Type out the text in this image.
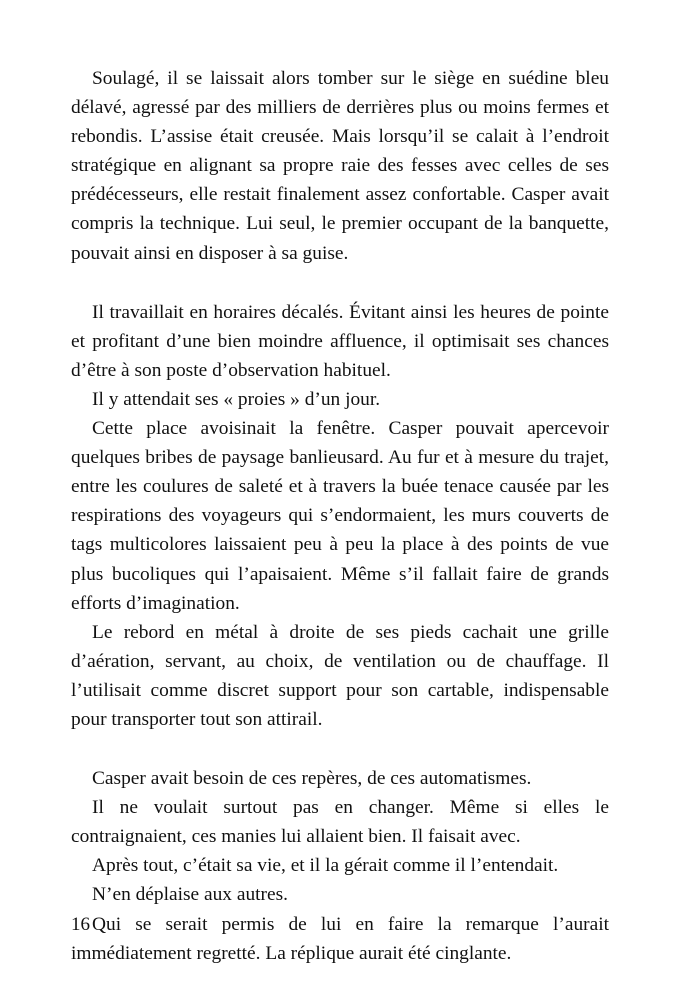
Soulagé, il se laissait alors tomber sur le siège en suédine bleu délavé, agressé par des milliers de derrières plus ou moins fermes et rebondis. L’assise était creusée. Mais lorsqu’il se calait à l’endroit stratégique en alignant sa propre raie des fesses avec celles de ses prédécesseurs, elle restait finalement assez confortable. Casper avait compris la technique. Lui seul, le premier occupant de la banquette, pouvait ainsi en disposer à sa guise.

Il travaillait en horaires décalés. Évitant ainsi les heures de pointe et profitant d’une bien moindre affluence, il optimisait ses chances d’être à son poste d’observation habituel.

Il y attendait ses « proies » d’un jour.

Cette place avoisinait la fenêtre. Casper pouvait apercevoir quelques bribes de paysage banlieusard. Au fur et à mesure du trajet, entre les coulures de saleté et à travers la buée tenace causée par les respirations des voyageurs qui s’endormaient, les murs couverts de tags multicolores laissaient peu à peu la place à des points de vue plus bucoliques qui l’apaisaient. Même s’il fallait faire de grands efforts d’imagination.

Le rebord en métal à droite de ses pieds cachait une grille d’aération, servant, au choix, de ventilation ou de chauffage. Il l’utilisait comme discret support pour son cartable, indispensable pour transporter tout son attirail.

Casper avait besoin de ces repères, de ces automatismes.

Il ne voulait surtout pas en changer. Même si elles le contraignaient, ces manies lui allaient bien. Il faisait avec.

Après tout, c’était sa vie, et il la gérait comme il l’entendait.

N’en déplaise aux autres.

Qui se serait permis de lui en faire la remarque l’aurait immédiatement regretté. La réplique aurait été cinglante.

16
